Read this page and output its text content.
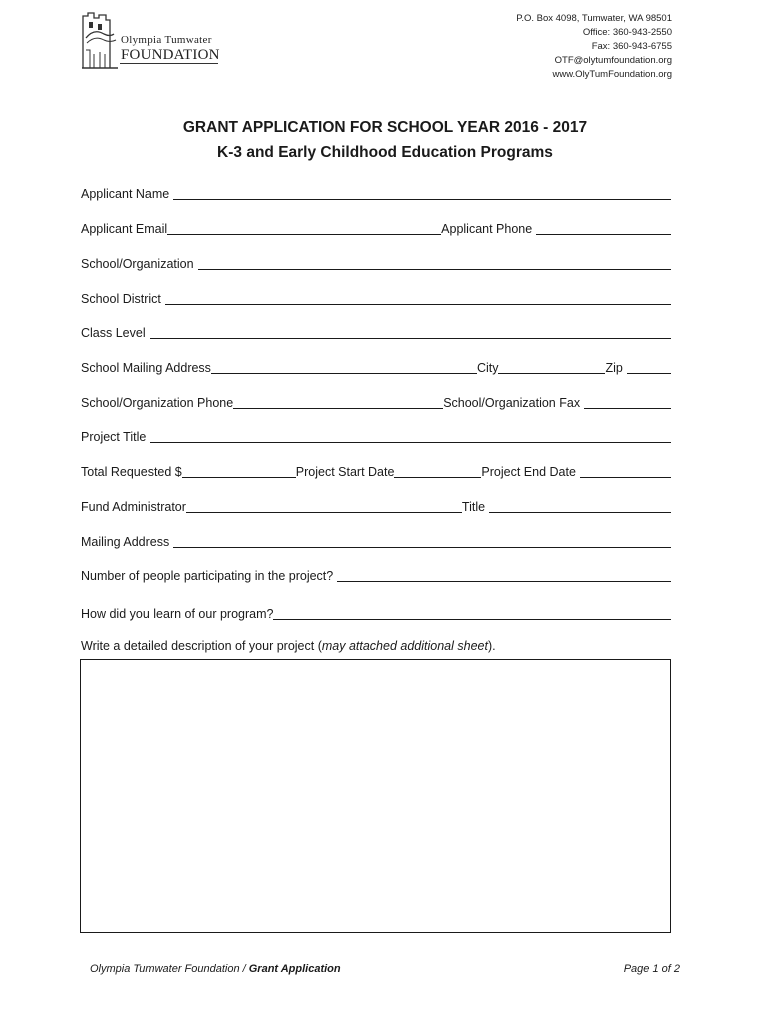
Olympia Tumwater
FOUNDATION
P.O. Box 4098, Tumwater, WA 98501
Office: 360-943-2550
Fax: 360-943-6755
OTF@olytumfoundation.org
www.OlyTumFoundation.org
GRANT APPLICATION FOR SCHOOL YEAR 2016 - 2017
K-3 and Early Childhood Education Programs
Applicant Name
Applicant Email	Applicant Phone
School/Organization
School District
Class Level
School Mailing Address	City	Zip
School/Organization Phone	School/Organization Fax
Project Title
Total Requested $	Project Start Date	Project End Date
Fund Administrator	Title
Mailing Address
Number of people participating in the project?
How did you learn of our program?
Write a detailed description of your project (may attached additional sheet).
Olympia Tumwater Foundation / Grant Application	Page 1 of 2
